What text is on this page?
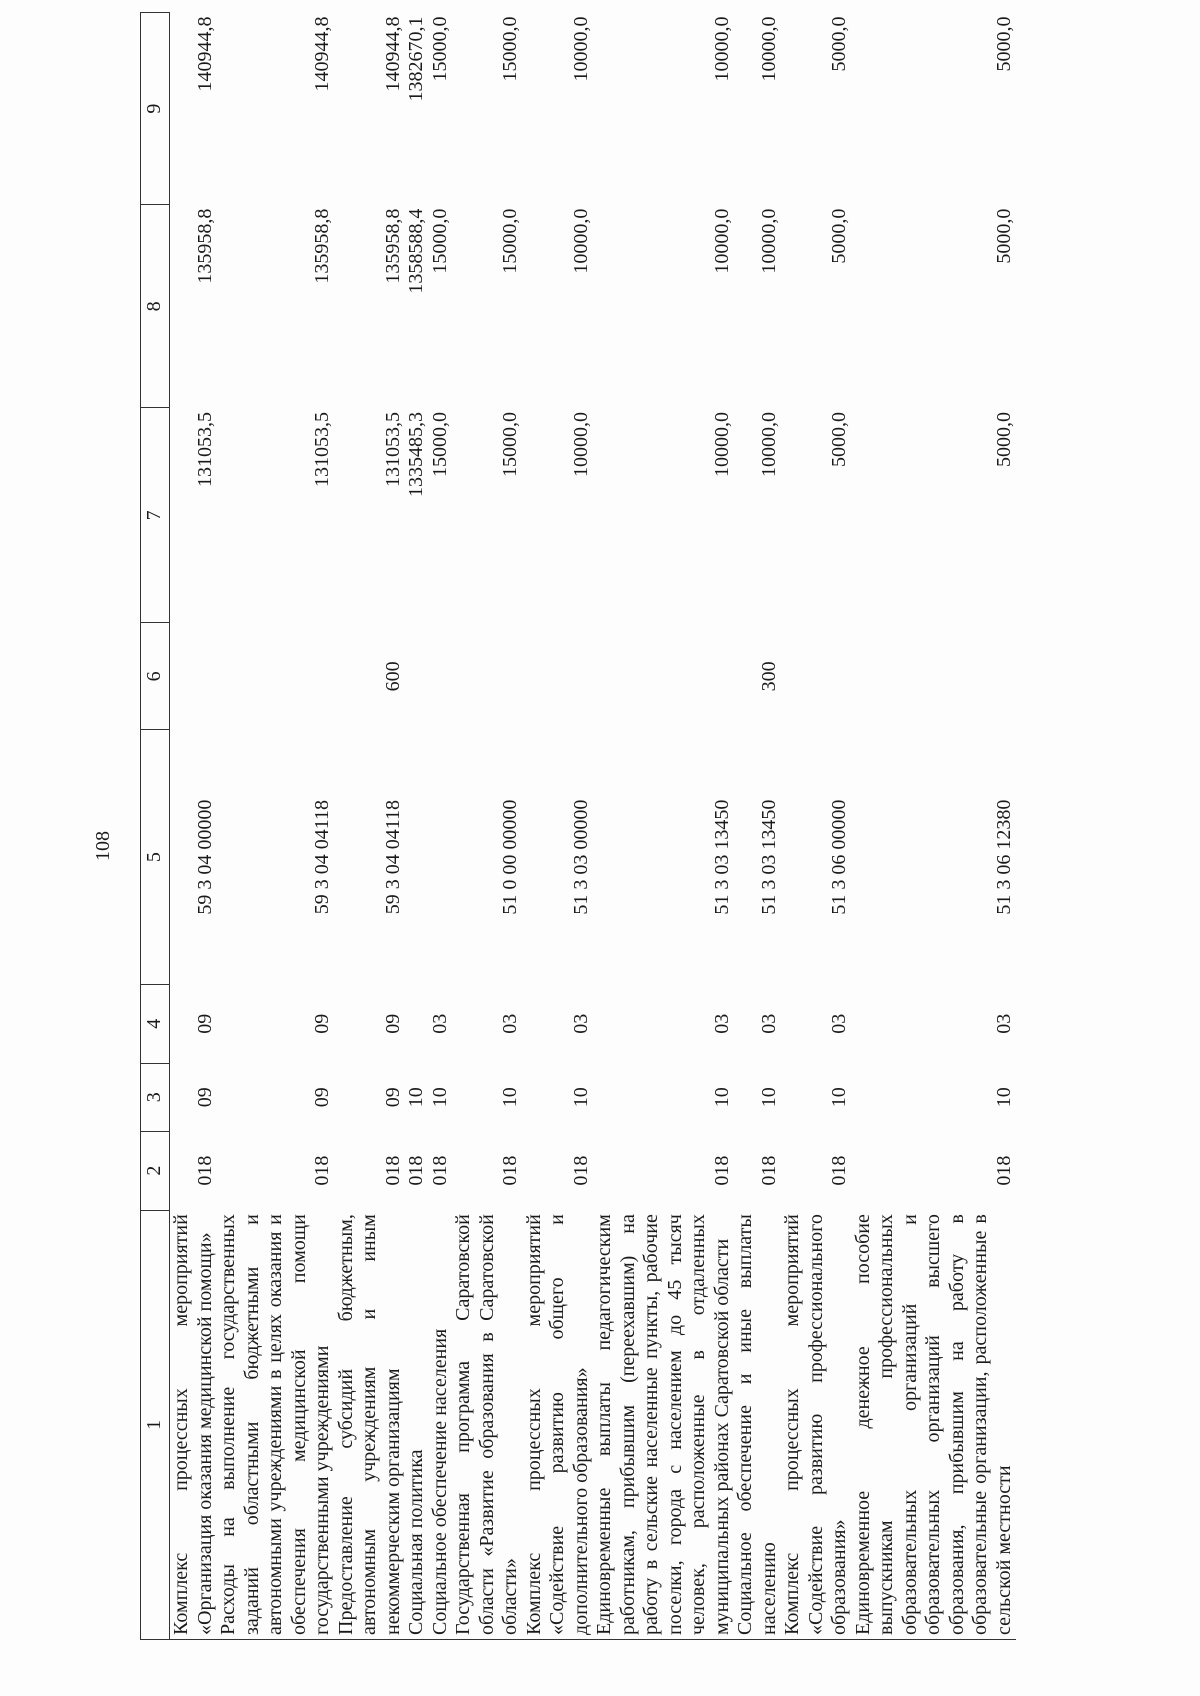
108
1	2	3	4	5	6	7	8	9
Комплекс процессных мероприятий «Организация оказания медицинской помощи»	018	09	09	59 3 04 00000		131053,5	135958,8	140944,8
Расходы на выполнение государственных заданий областными бюджетными и автономными учреждениями в целях оказания и обеспечения медицинской помощи государственными учреждениями	018	09	09	59 3 04 04118		131053,5	135958,8	140944,8
Предоставление субсидий бюджетным, автономным учреждениям и иным некоммерческим организациям	018	09	09	59 3 04 04118	600	131053,5	135958,8	140944,8
Социальная политика	018	10				1335485,3	1358588,4	1382670,1
Социальное обеспечение населения	018	10	03			15000,0	15000,0	15000,0
Государственная программа Саратовской области «Развитие образования в Саратовской области»	018	10	03	51 0 00 00000		15000,0	15000,0	15000,0
Комплекс процессных мероприятий «Содействие развитию общего и дополнительного образования»	018	10	03	51 3 03 00000		10000,0	10000,0	10000,0
Единовременные выплаты педагогическим работникам, прибывшим (переехавшим) на работу в сельские населенные пункты, рабочие поселки, города с населением до 45 тысяч человек, расположенные в отдаленных муниципальных районах Саратовской области	018	10	03	51 3 03 13450		10000,0	10000,0	10000,0
Социальное обеспечение и иные выплаты населению	018	10	03	51 3 03 13450	300	10000,0	10000,0	10000,0
Комплекс процессных мероприятий «Содействие развитию профессионального образования»	018	10	03	51 3 06 00000		5000,0	5000,0	5000,0
Единовременное денежное пособие выпускникам профессиональных образовательных организаций и образовательных организаций высшего образования, прибывшим на работу в образовательные организации, расположенные в сельской местности	018	10	03	51 3 06 12380		5000,0	5000,0	5000,0
